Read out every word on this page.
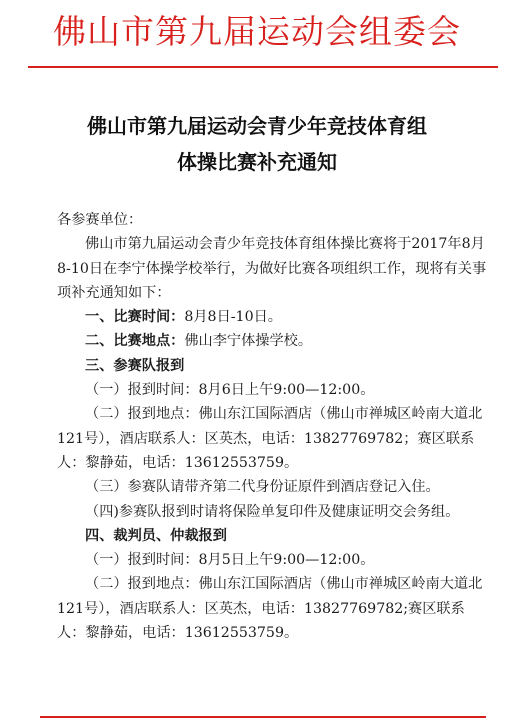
佛山市第九届运动会组委会
佛山市第九届运动会青少年竞技体育组
体操比赛补充通知

各参赛单位：

佛山市第九届运动会青少年竞技体育组体操比赛将于2017年8月8-10日在李宁体操学校举行，为做好比赛各项组织工作，现将有关事项补充通知如下：

一、比赛时间：8月8日-10日。

二、比赛地点：佛山李宁体操学校。

三、参赛队报到

（一）报到时间：8月6日上午9:00—12:00。

（二）报到地点：佛山东江国际酒店（佛山市禅城区岭南大道北121号），酒店联系人：区英杰，电话：13827769782；赛区联系人：黎静茹，电话：13612553759。

（三）参赛队请带齐第二代身份证原件到酒店登记入住。

（四)参赛队报到时请将保险单复印件及健康证明交会务组。

四、裁判员、仲裁报到

（一）报到时间：8月5日上午9:00—12:00。

（二）报到地点：佛山东江国际酒店（佛山市禅城区岭南大道北121号），酒店联系人：区英杰，电话：13827769782;赛区联系人：黎静茹，电话：13612553759。
